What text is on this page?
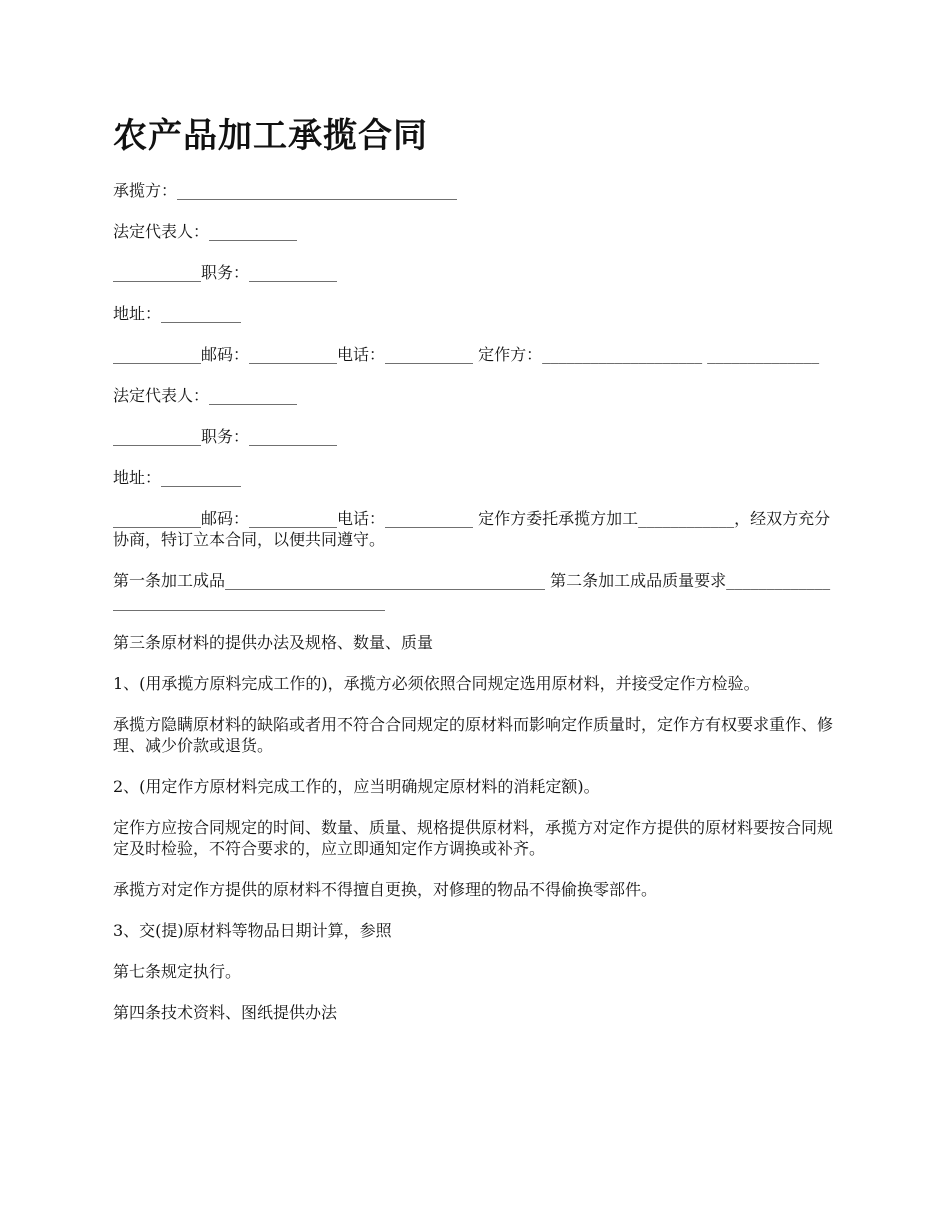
农产品加工承揽合同

承揽方：___________________________________

法定代表人：___________

___________职务：___________

地址：__________

___________邮码：___________电话：___________ 定作方：____________________ ______________

法定代表人：___________

___________职务：___________

地址：__________

___________邮码：___________电话：___________ 定作方委托承揽方加工____________，经双方充分协商，特订立本合同，以便共同遵守。

第一条加工成品________________________________________ 第二条加工成品质量要求_______________________________________________

第三条原材料的提供办法及规格、数量、质量

1、(用承揽方原料完成工作的)，承揽方必须依照合同规定选用原材料，并接受定作方检验。

承揽方隐瞒原材料的缺陷或者用不符合合同规定的原材料而影响定作质量时，定作方有权要求重作、修理、减少价款或退货。

2、(用定作方原材料完成工作的，应当明确规定原材料的消耗定额)。

定作方应按合同规定的时间、数量、质量、规格提供原材料，承揽方对定作方提供的原材料要按合同规定及时检验，不符合要求的，应立即通知定作方调换或补齐。

承揽方对定作方提供的原材料不得擅自更换，对修理的物品不得偷换零部件。

3、交(提)原材料等物品日期计算，参照

第七条规定执行。

第四条技术资料、图纸提供办法
